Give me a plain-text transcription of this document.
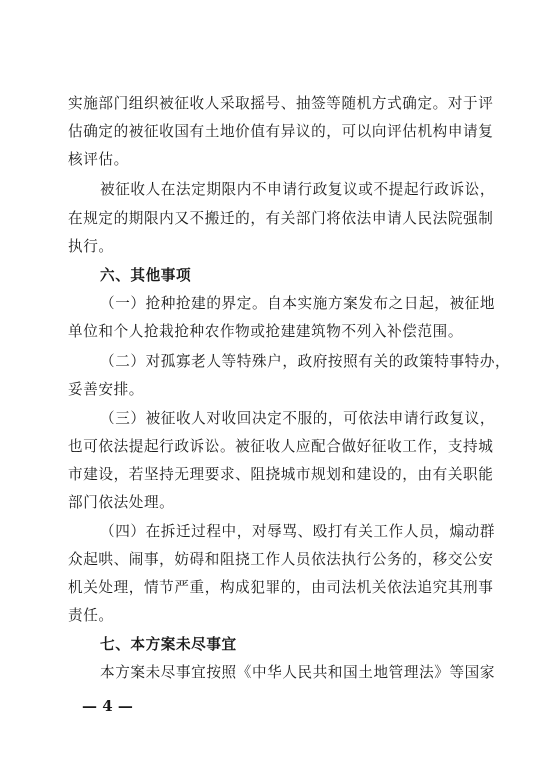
实施部门组织被征收人采取摇号、抽签等随机方式确定。对于评
估确定的被征收国有土地价值有异议的，可以向评估机构申请复
核评估。
被征收人在法定期限内不申请行政复议或不提起行政诉讼，
在规定的期限内又不搬迁的，有关部门将依法申请人民法院强制
执行。
六、其他事项
（一）抢种抢建的界定。自本实施方案发布之日起，被征地
单位和个人抢栽抢种农作物或抢建建筑物不列入补偿范围。
（二）对孤寡老人等特殊户，政府按照有关的政策特事特办，
妥善安排。
（三）被征收人对收回决定不服的，可依法申请行政复议，
也可依法提起行政诉讼。被征收人应配合做好征收工作，支持城
市建设，若坚持无理要求、阻挠城市规划和建设的，由有关职能
部门依法处理。
（四）在拆迁过程中，对辱骂、殴打有关工作人员，煽动群
众起哄、闹事，妨碍和阻挠工作人员依法执行公务的，移交公安
机关处理，情节严重，构成犯罪的，由司法机关依法追究其刑事
责任。
七、本方案未尽事宜
本方案未尽事宜按照《中华人民共和国土地管理法》等国家
— 4 —
